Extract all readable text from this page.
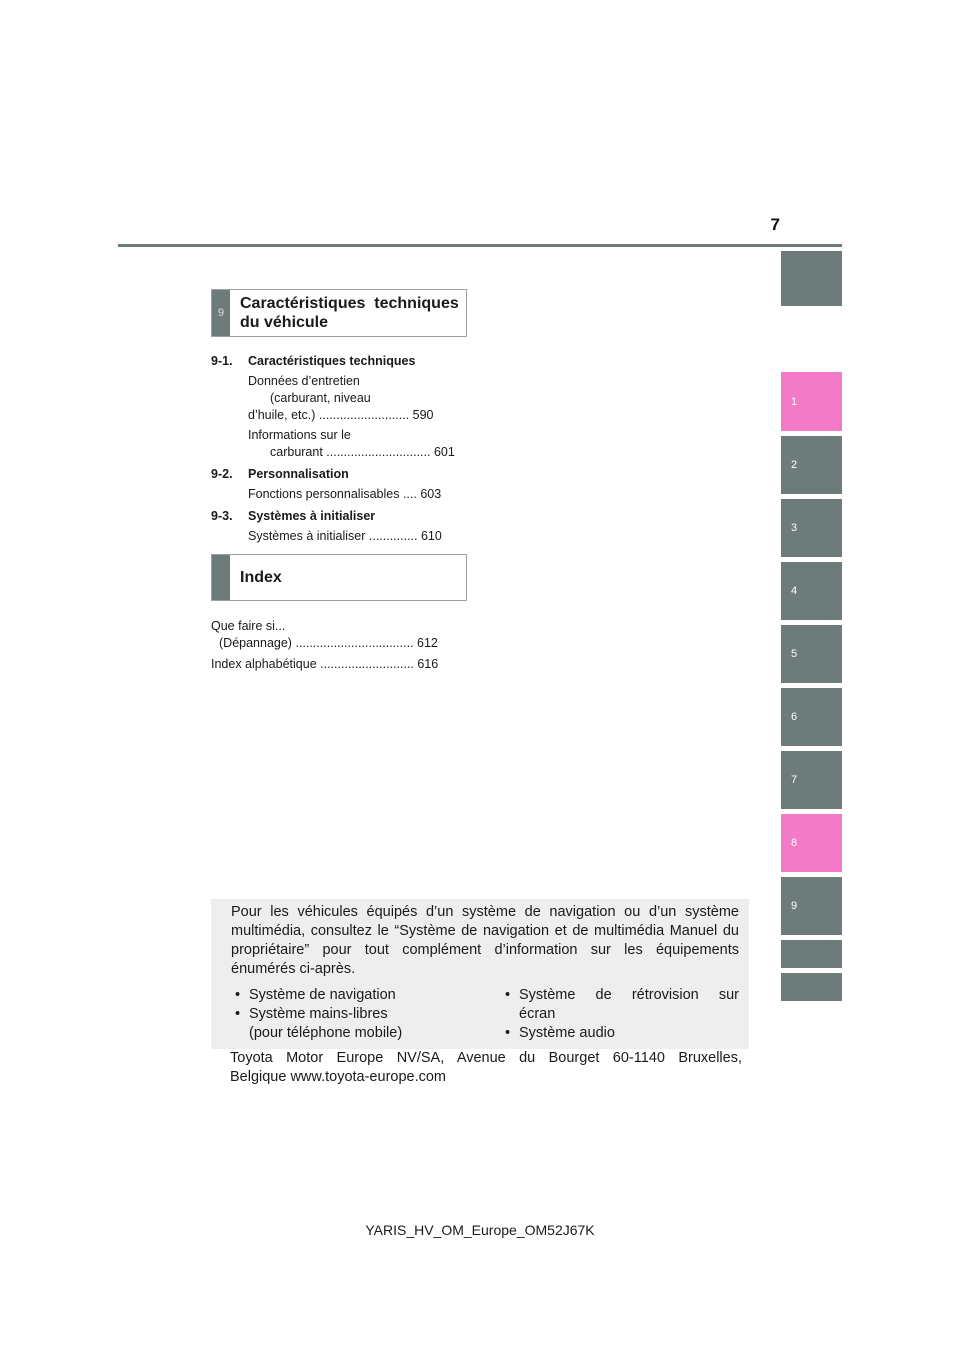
7
1
2
3
4
5
6
7
8
9
9
Caractéristiques  techniques
du véhicule
9-1. Caractéristiques techniques
Données d’entretien
(carburant, niveau
d’huile, etc.) .......................... 590
Informations sur le
carburant .............................. 601
9-2. Personnalisation
Fonctions personnalisables .... 603
9-3. Systèmes à initialiser
Systèmes à initialiser .............. 610
Index
Que faire si...
(Dépannage) .................................. 612
Index alphabétique ........................... 616
Pour les véhicules équipés d’un système de navigation ou d’un système multimédia, consultez le “Système de navigation et de multimédia Manuel du propriétaire” pour tout complément d’information sur les équipements énumérés ci-après.
• Système de navigation
• Système mains-libres
(pour téléphone mobile)
• Système de rétrovision sur
écran
• Système audio
Toyota Motor Europe NV/SA, Avenue du Bourget 60-1140 Bruxelles,
Belgique www.toyota-europe.com
YARIS_HV_OM_Europe_OM52J67K
